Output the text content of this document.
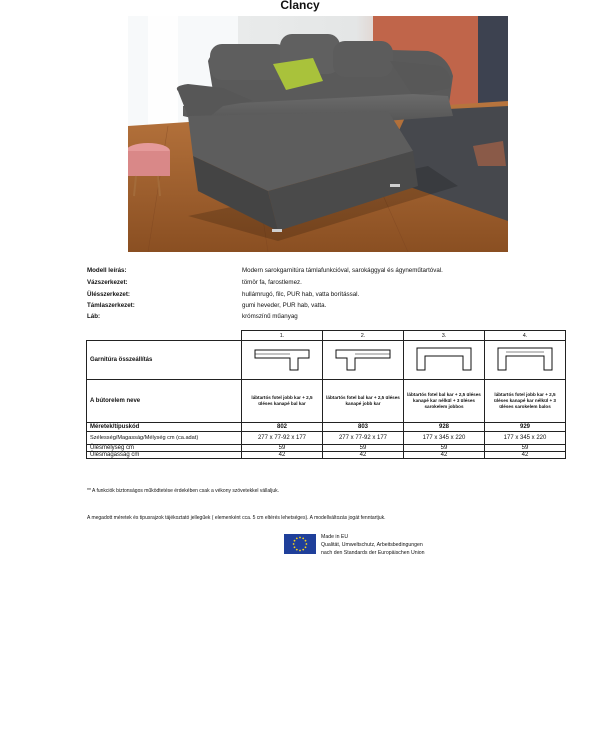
Clancy
Modell leírás:	Modern sarokgarnitúra támlafunkcióval, sarokággyal és ágyneműtartóval.
Vázszerkezet:	tömör fa, farostlemez.
Ülésszerkezet:	hullámrugó, filc, PUR hab, vatta borítással.
Támlaszerkezet:	gumi heveder, PUR hab, vatta.
Láb:	krómszínű műanyag
	1.	2.	3.	4.
Garnitúra összeállítás				
A bútorelem neve	lábtartós fotel jobb kar + 2,5 üléses kanapé bal kar	lábtartós fotel bal kar + 2,5 üléses kanapé jobb kar	lábtartós fotel bal kar + 2,5 üléses kanapé kar nélkül + 3 üléses sarokelem jobbos	lábtartós fotel jobb kar + 2,5 üléses kanapé kar nélkül + 3 üléses sarokelem balos
Méretek/típuskód	802	803	928	929
Szélesség/Magasság/Mélység cm (ca.adat)	277 x 77-92 x 177	277 x 77-92 x 177	177 x 345 x 220	177 x 345 x 220
Ülésmélység cm	59	59	59	59
Ülésmagasság cm	42	42	42	42
** A funkciók biztonságos működtetése érdekében csak a vékony szövetekkel vállaljuk.
A megadott méretek és tipusrajzok tájékoztató jellegűek ( elemenként cca. 5 cm eltérés lehetséges). A modellváltozás jogát fenntartjuk.
Made in EU
Qualität, Umweltschutz, Arbeitsbedingungen
nach den Standards der Europäischen Union
